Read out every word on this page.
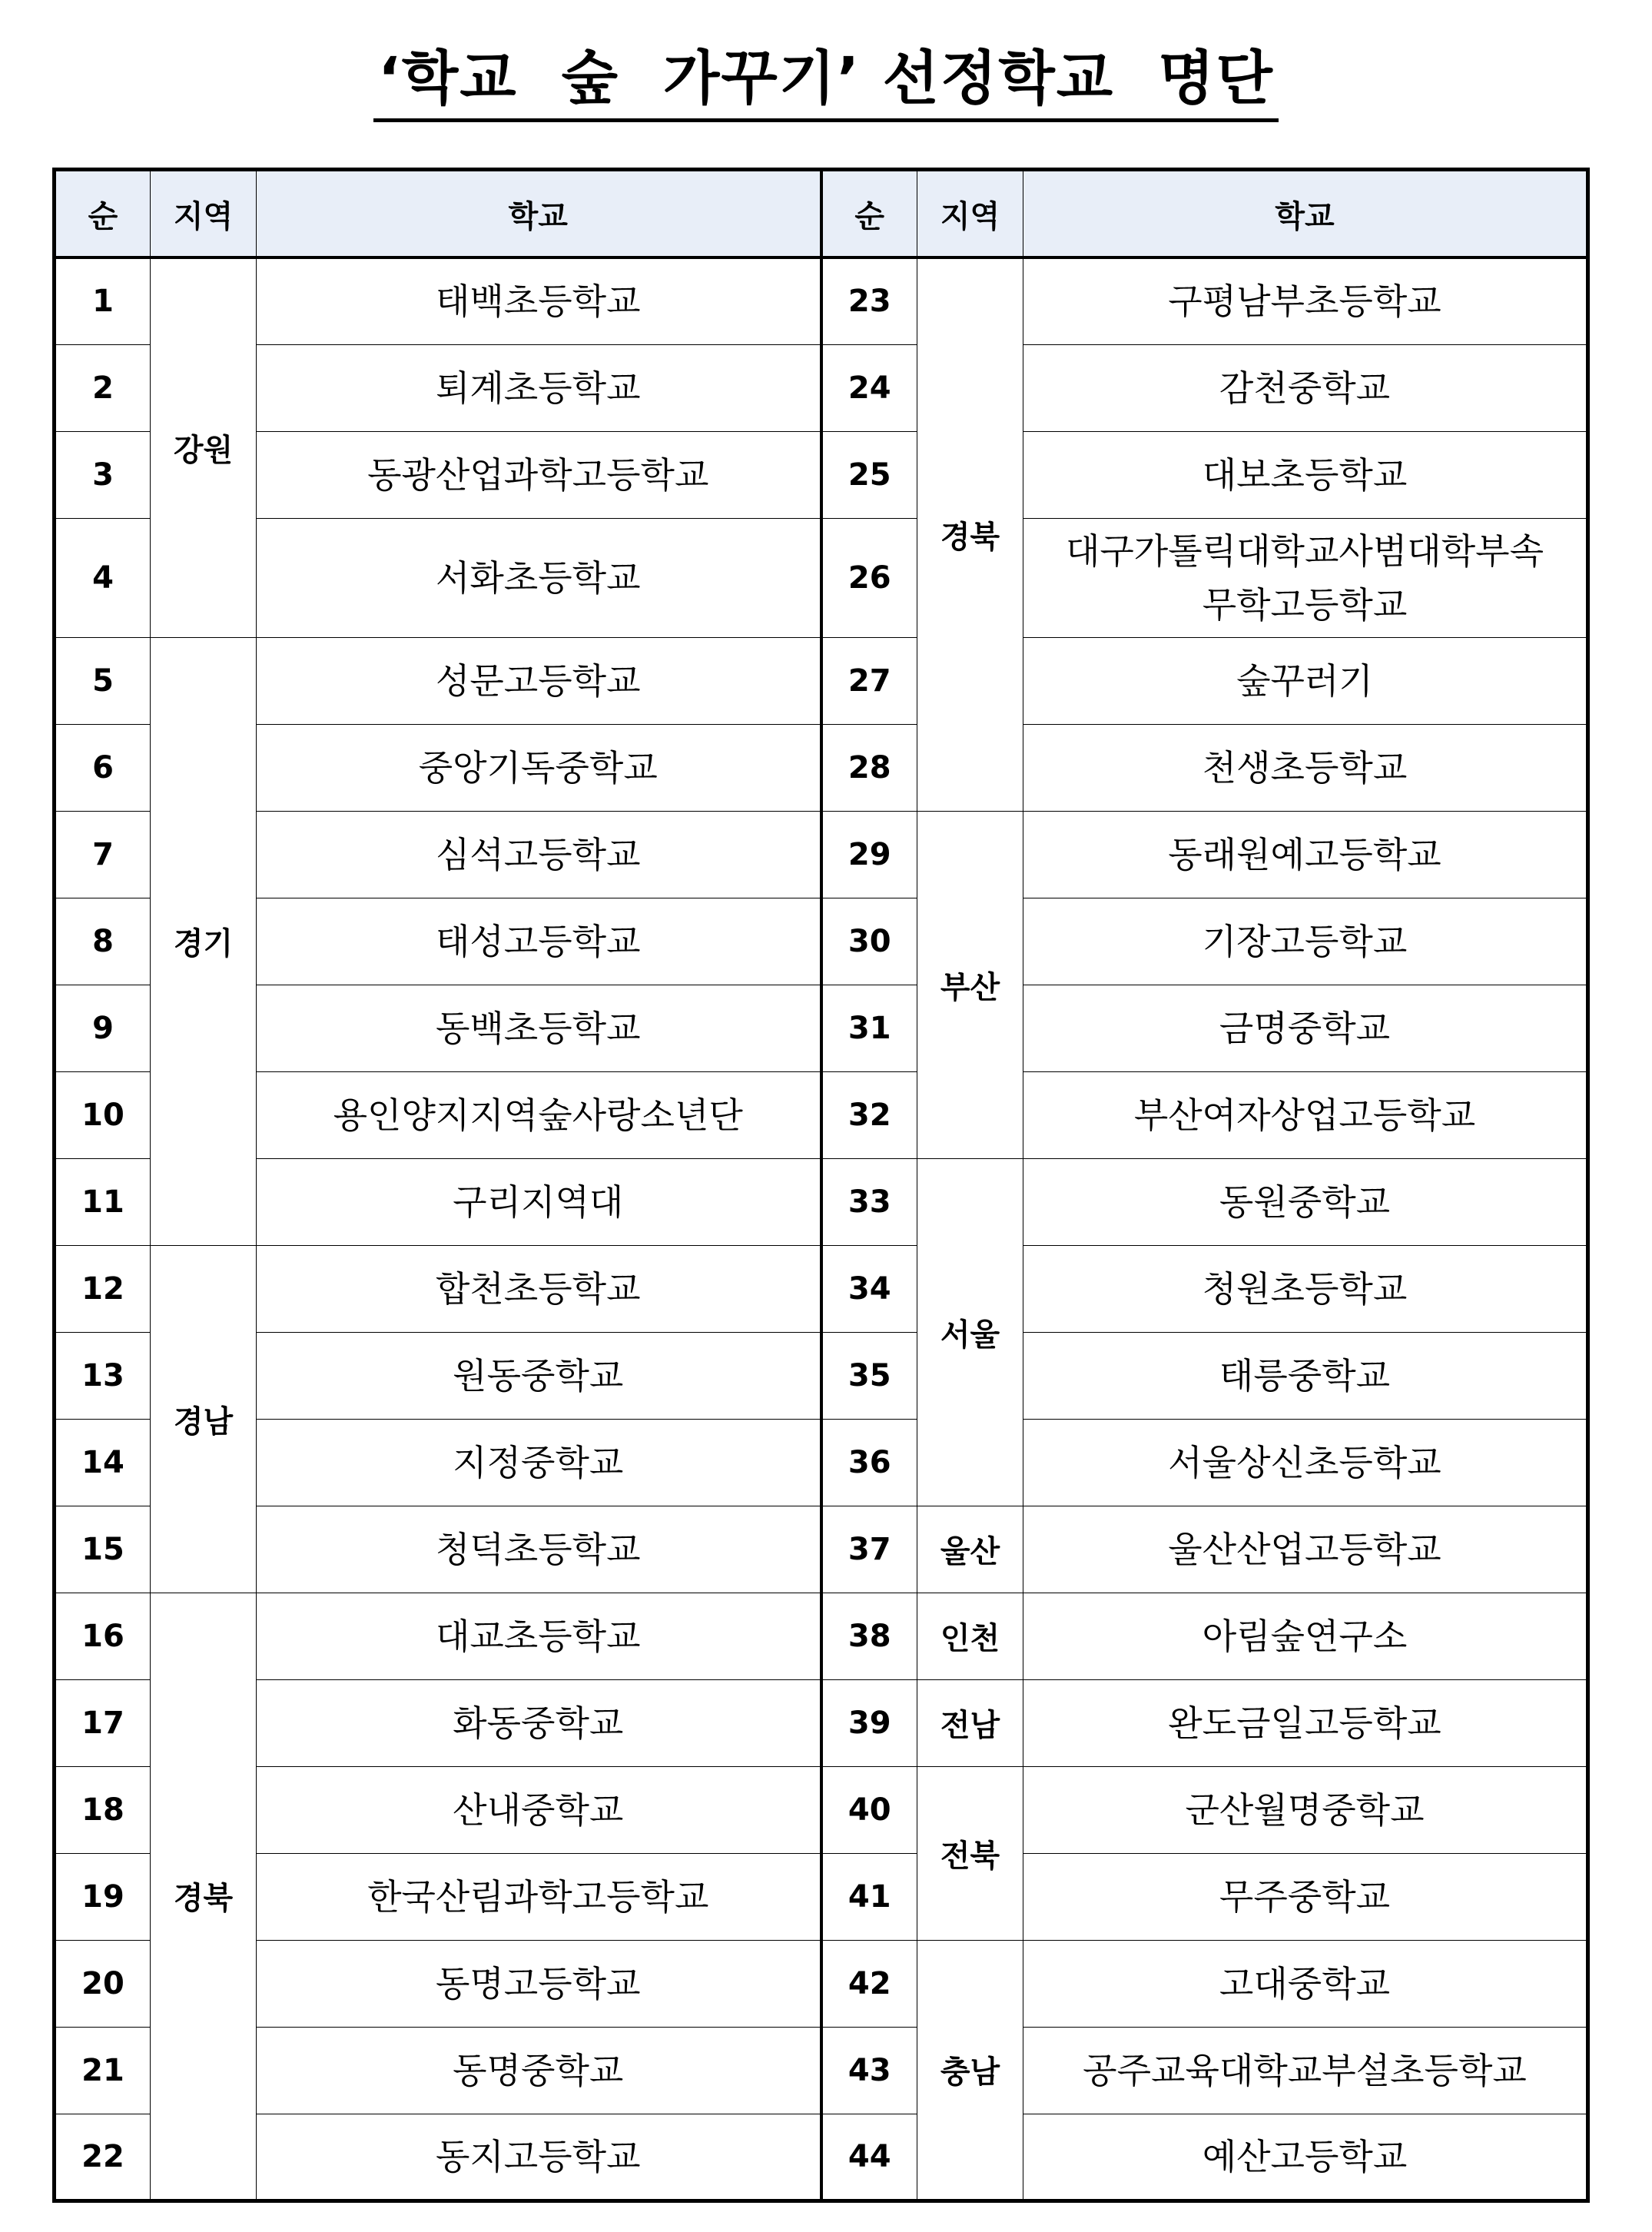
‘학교  숲  가꾸기’ 선정학교  명단
순	지역	학교	순	지역	학교
1	강원	태백초등학교	23	경북	구평남부초등학교
2		퇴계초등학교	24		감천중학교
3		동광산업과학고등학교	25		대보초등학교
4		서화초등학교	26		대구가톨릭대학교사범대학부속
무학고등학교

5	경기	성문고등학교	27		숲꾸러기
6		중앙기독중학교	28		천생초등학교
7		심석고등학교	29	부산	동래원예고등학교
8		태성고등학교	30		기장고등학교
9		동백초등학교	31		금명중학교
10		용인양지지역숲사랑소년단	32		부산여자상업고등학교
11		구리지역대	33	서울	동원중학교
12	경남	합천초등학교	34		청원초등학교
13		원동중학교	35		태릉중학교
14		지정중학교	36		서울상신초등학교
15		청덕초등학교	37	울산	울산산업고등학교
16	경북	대교초등학교	38	인천	아림숲연구소
17		화동중학교	39	전남	완도금일고등학교
18		산내중학교	40	전북	군산월명중학교
19		한국산림과학고등학교	41		무주중학교
20		동명고등학교	42	충남	고대중학교
21		동명중학교	43		공주교육대학교부설초등학교
22		동지고등학교	44		예산고등학교
